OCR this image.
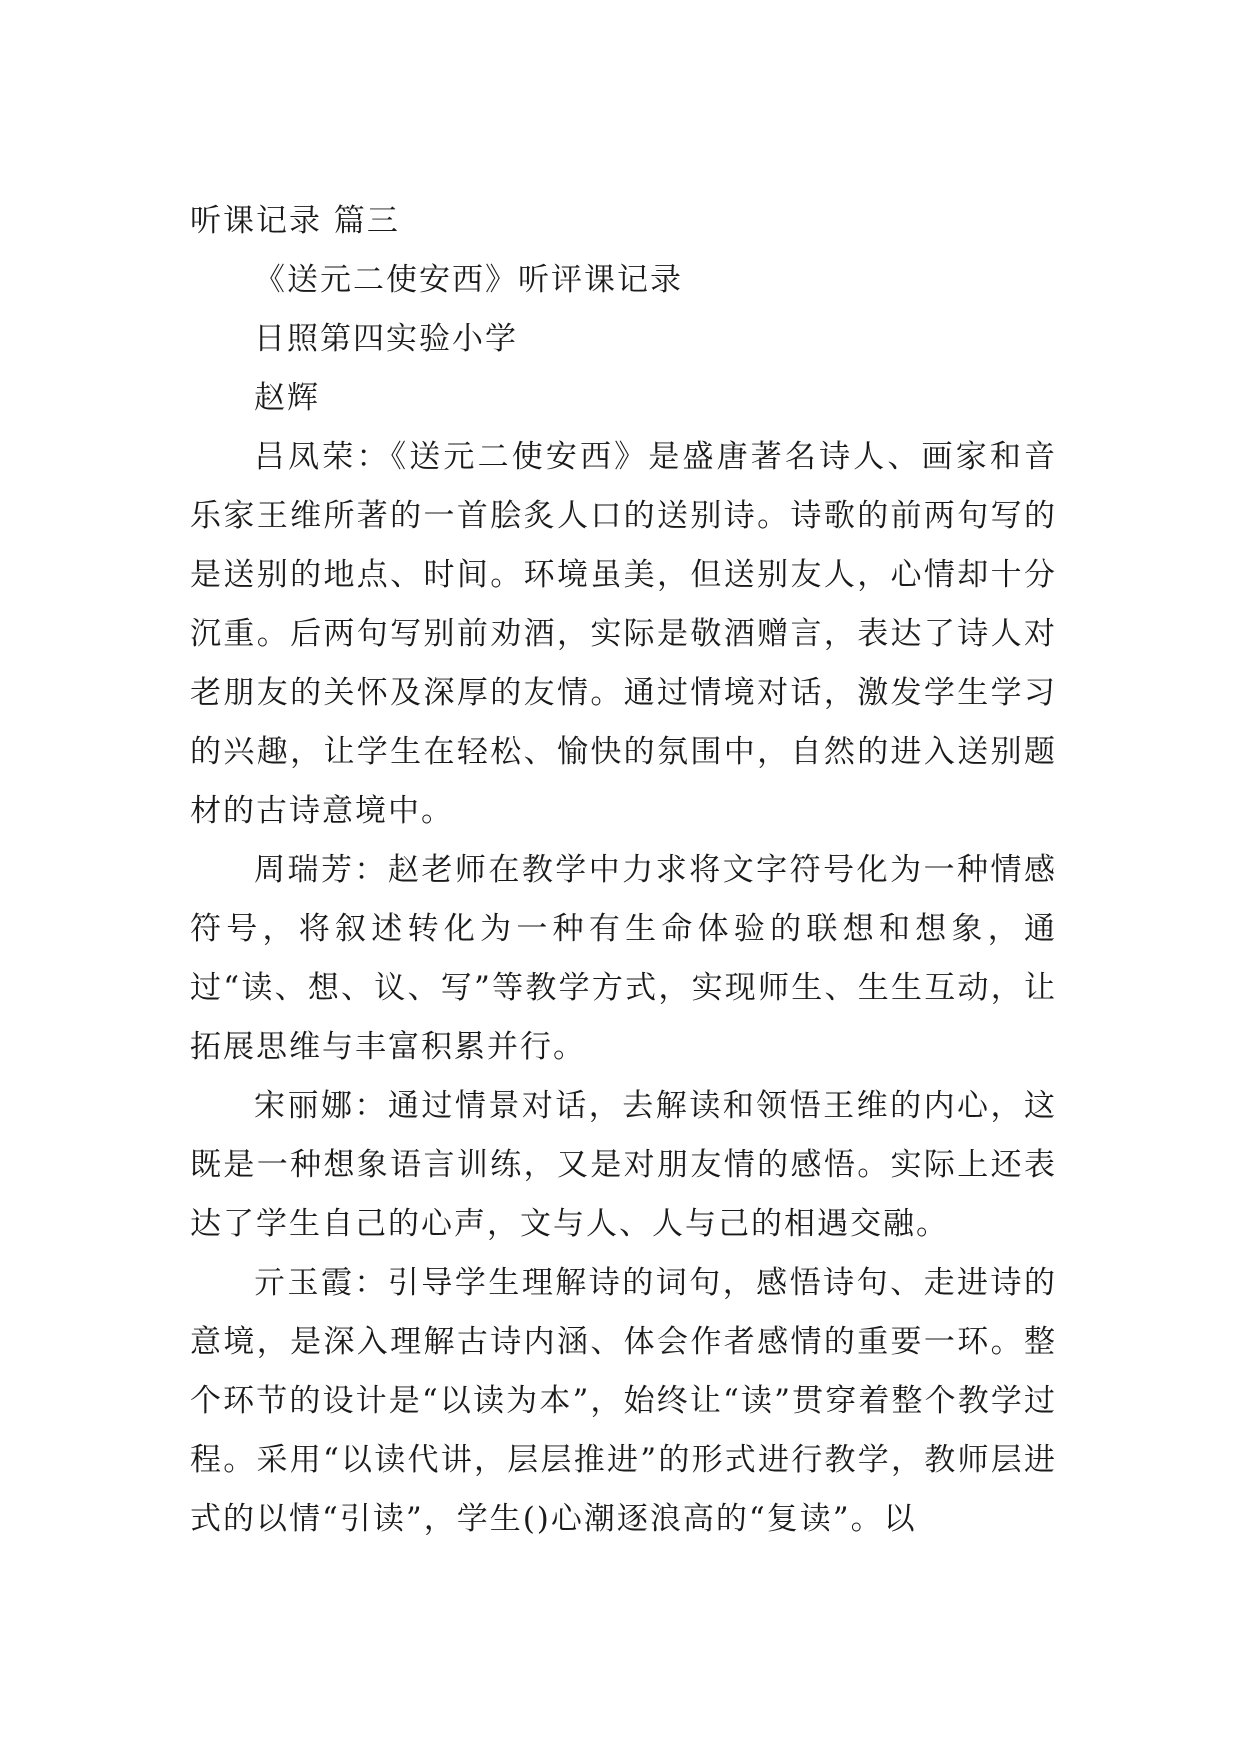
听课记录 篇三
《送元二使安西》听评课记录
日照第四实验小学
赵辉

吕凤荣：《送元二使安西》是盛唐著名诗人、画家和音乐家王维所著的一首脍炙人口的送别诗。诗歌的前两句写的是送别的地点、时间。环境虽美，但送别友人，心情却十分沉重。后两句写别前劝酒，实际是敬酒赠言，表达了诗人对老朋友的关怀及深厚的友情。通过情境对话，激发学生学习的兴趣，让学生在轻松、愉快的氛围中，自然的进入送别题材的古诗意境中。

周瑞芳：赵老师在教学中力求将文字符号化为一种情感符号，将叙述转化为一种有生命体验的联想和想象，通过“读、想、议、写”等教学方式，实现师生、生生互动，让拓展思维与丰富积累并行。

宋丽娜：通过情景对话，去解读和领悟王维的内心，这既是一种想象语言训练，又是对朋友情的感悟。实际上还表达了学生自己的心声，文与人、人与己的相遇交融。

亓玉霞：引导学生理解诗的词句，感悟诗句、走进诗的意境，是深入理解古诗内涵、体会作者感情的重要一环。整个环节的设计是“以读为本”，始终让“读”贯穿着整个教学过程。采用“以读代讲，层层推进”的形式进行教学，教师层进式的以情“引读”，学生()心潮逐浪高的“复读”。以
